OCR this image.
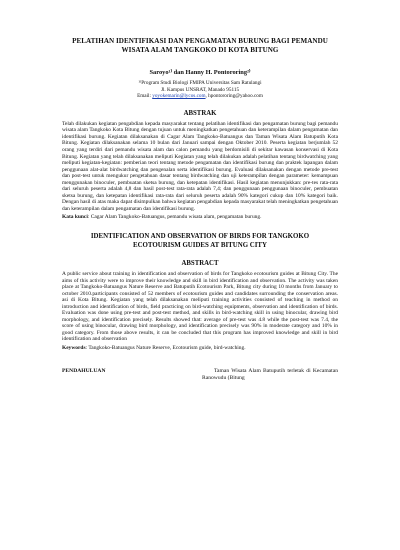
PELATIHAN IDENTIFIKASI DAN PENGAMATAN BURUNG BAGI PEMANDU
WISATA ALAM TANGKOKO DI KOTA BITUNG
Saroyo¹⁾ dan Hanny H. Pontororing²⁾
¹⁾Program Studi Biologi FMIPA Universitas Sam Ratulangi
Jl. Kampus UNSRAT, Manado 95115
Email: yoyokemarin@lycos.com, hpontororing@yahoo.com
ABSTRAK

Telah dilakukan kegiatan pengabdian kepada masyarakat tentang pelatihan identifikasi dan pengamatan burung bagi pemandu wisata alam Tangkoko Kota Bitung dengan tujuan untuk meningkatkan pengetahuan dan keterampilan dalam pengamatan dan identifikasi burung. Kegiatan dilaksanakan di Cagar Alam Tangkoko-Batuangus dan Taman Wisata Alam Batuputih Kota Bitung. Kegiatan dilaksanakan selama 10 bulan dari Januari sampai dengan Oktober 2010. Peserta kegiatan berjumlah 52 orang yang terdiri dari pemandu wisata alam dan calon pemandu yang berdomisili di sekitar kawasan konservasi di Kota Bitung. Kegiatan yang telah dilaksanakan meliputi Kegiatan yang telah dilakukan adalah pelatihan tentang birdwatching yang meliputi kegiatan-kegiatan: pemberian teori tentang metode pengamatan dan identifikasi burung dan praktek lapangan dalam penggunaan alat-alat birdwatching dan pengenalan serta identifikasi burung. Evaluasi dilaksanakan dengan metode pre-test dan post-test untuk mengukur pengetahuan dasar tentang birdwatching dan uji keterampilan dengan parameter: kemampuan menggunakan binoculer, pembuatan sketsa burung, dan ketepatan identifikasi. Hasil kegiatan menunjukkan: pre-tes rata-rata dari seluruh peserta adalah 4,8 dan hasil post-test rata-rata adalah 7,4; dan penggunaan penggunaan binoculer, pembuatan sketsa burung, dan ketepatan identifikasi rata-rata dari seluruh peserta adalah 90% kategori cukup dan 10% kategori baik. Dengan hasil di atas maka dapat disimpulkan bahwa kegiatan pengabdian kepada masyarakat telah meningkatkan pengetahuan dan keterampilan dalam pengamatan dan identifikasi burung.

Kata kunci: Cagar Alam Tangkoko-Batuangus, pemandu wisata alam, pengamatan burung.
IDENTIFICATION AND OBSERVATION OF BIRDS FOR TANGKOKO
ECOTOURISM GUIDES AT BITUNG CITY
ABSTRACT

A public service about training in identification and observation of birds for Tangkoko ecotourism guides at Bitung City. The aims of this activity were to improve their knowledge and skill in bird identification and observation. The activity was taken place at Tangkoko-Batuangus Nature Reserve and Batuputih Ecotourism Park, Bitung city during 10 months from January to october 2010.participants consisted of 52 members of ecotourism guides and candidates surrounding the conservation areas. asi di Kota Bitung. Kegiatan yang telah dilaksanakan meliputi training activities consisted of teaching in method on introduction and identification of birds, field practicing on bird-watching equipments, observation and identification of birds. Evaluation was done using pre-test and post-test method, and skills in bird-watching skill in using binocular, drawing bird morphology, and identification precisely. Results showed that: average of pre-test was 4.8 while the post-test was 7.4, the score of using binocular, drawing bird morphology, and identification precisely was 90% in moderate category and 10% in good category. From those above results, it can be concluded that this program has improved knowledge and skill in bird identification and observation

Keywords: Tangkoko-Batuangus Nature Reserve, Ecotourism guide, bird-watching.
PENDAHULUAN	Taman Wisata Alam Batuputih terletak di Kecamatan Ranowudu (Bitung
